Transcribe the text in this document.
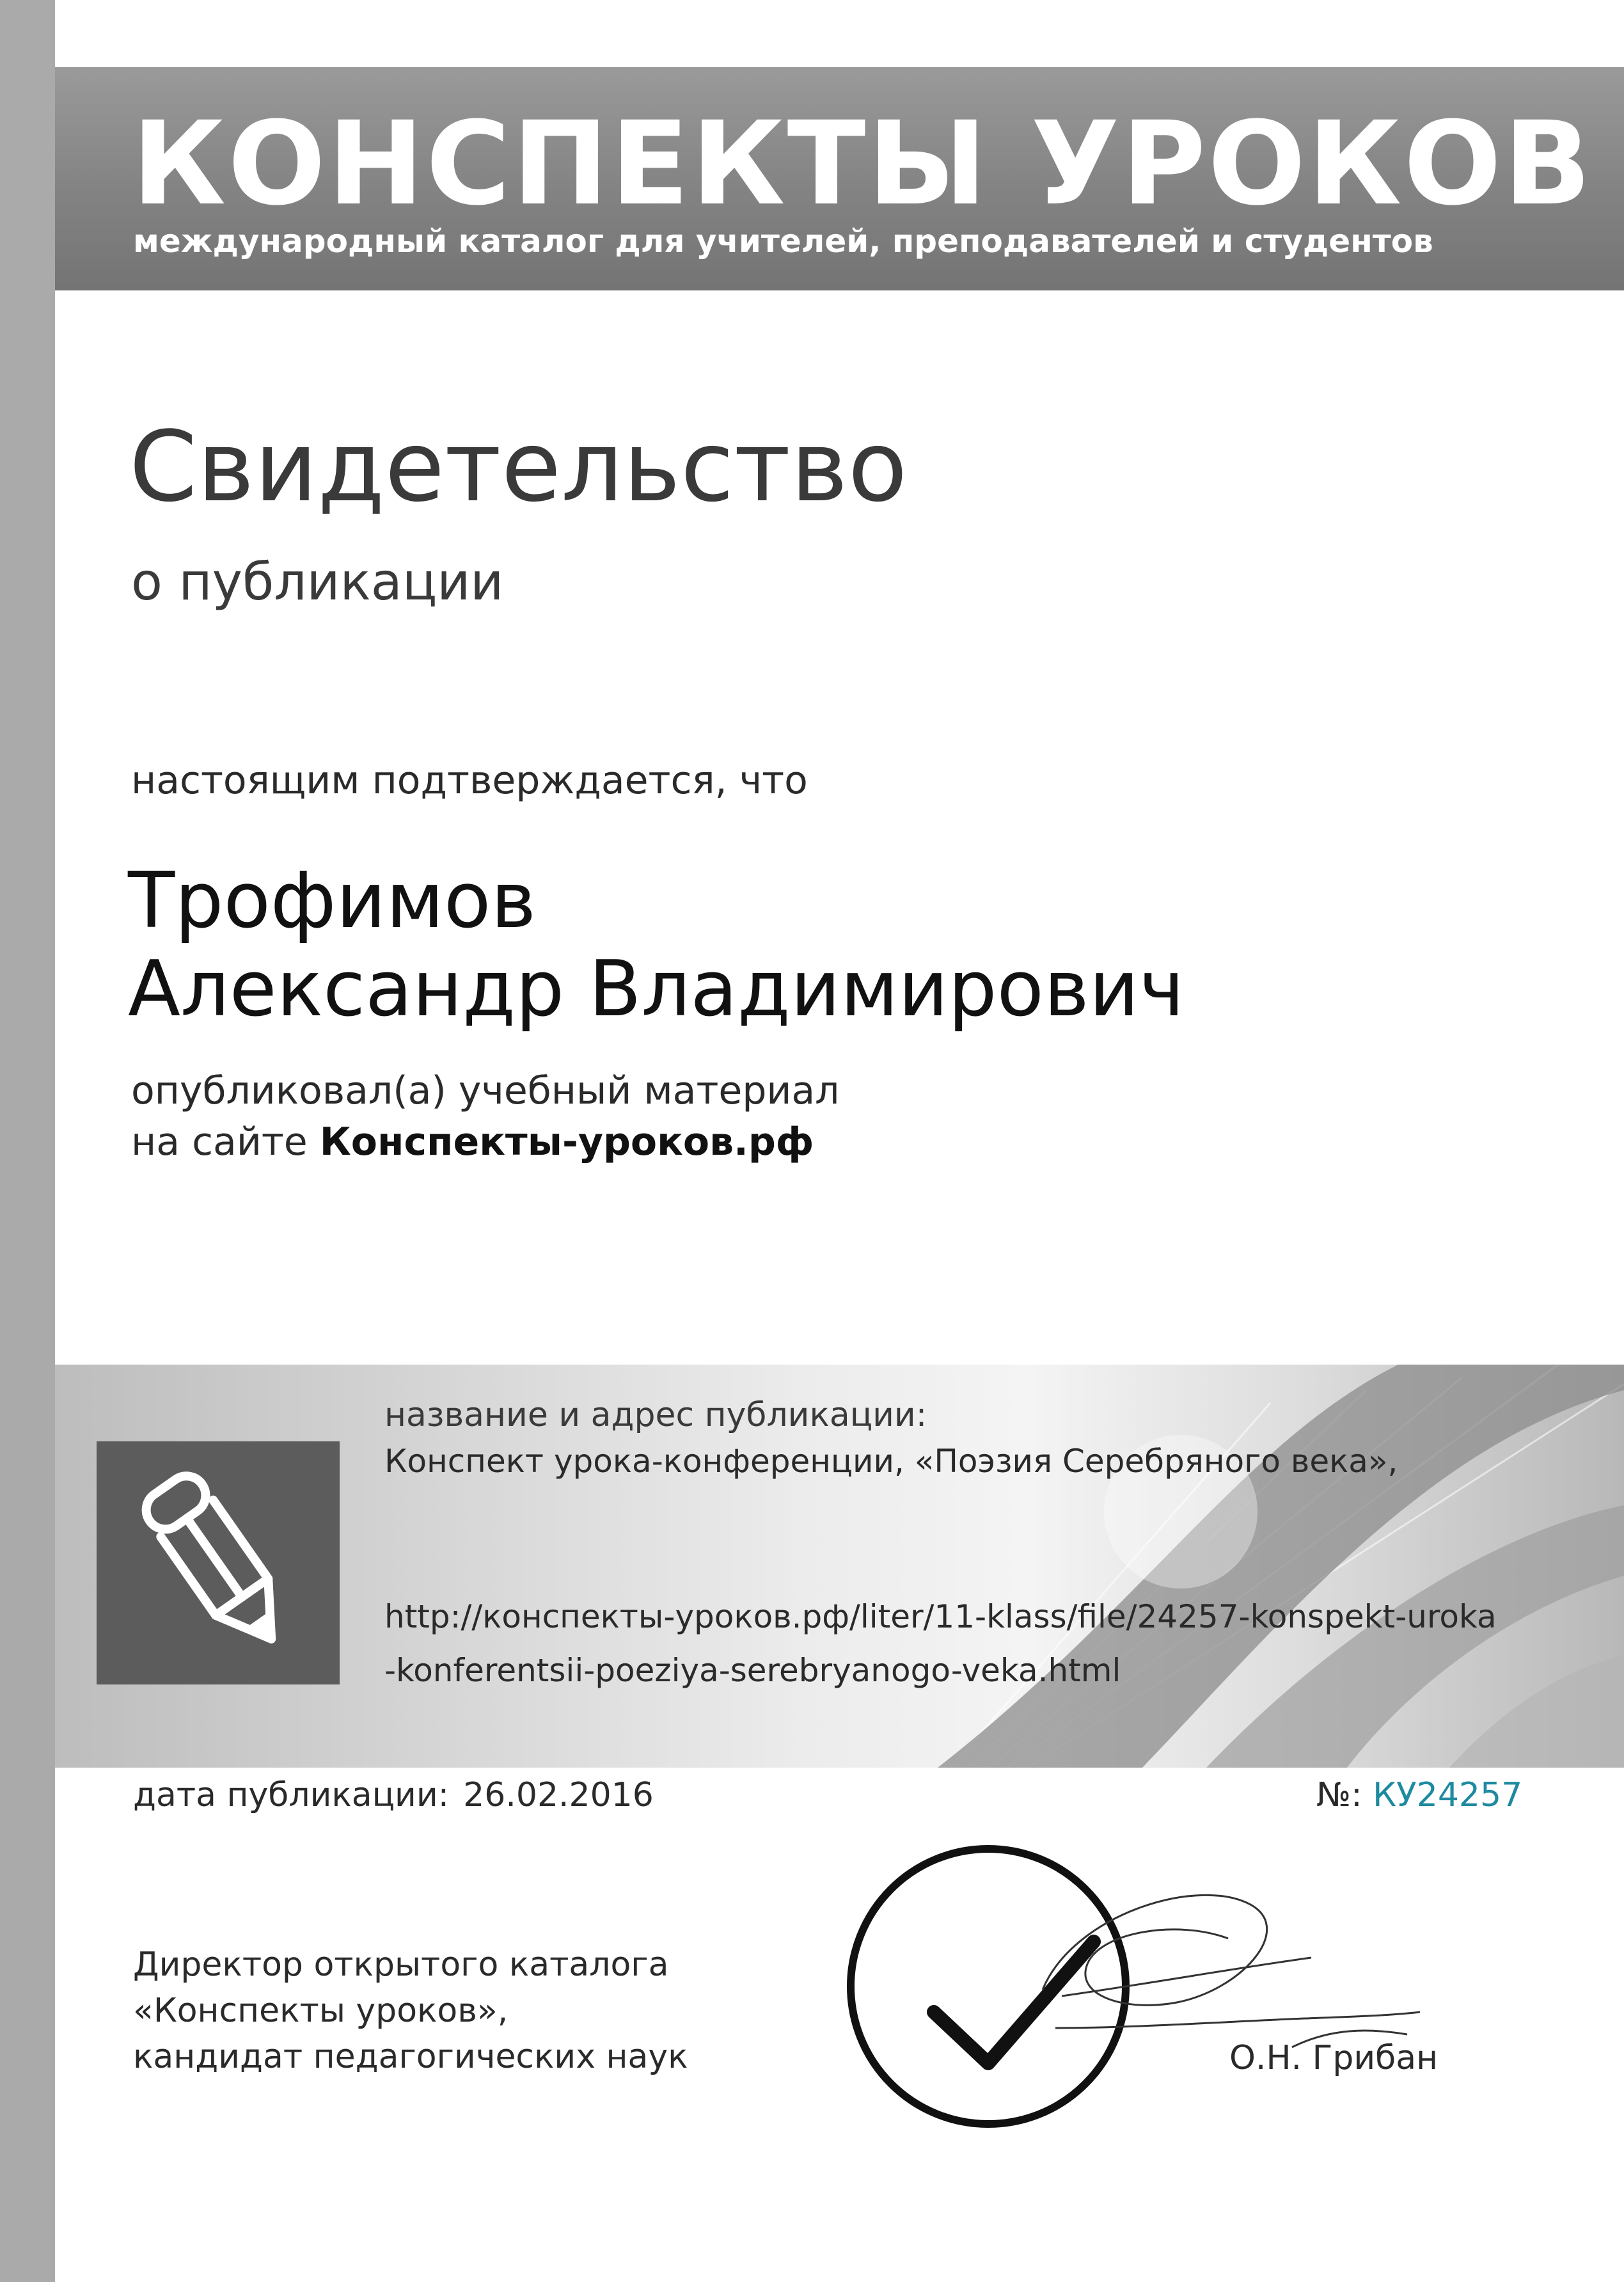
КОНСПЕКТЫ УРОКОВ
международный каталог для учителей, преподавателей и студентов
Свидетельство
о публикации
настоящим подтверждается, что
Трофимов
Александр Владимирович
опубликовал(а) учебный материал
на сайте Конспекты-уроков.рф
название и адрес публикации:
Конспект урока-конференции, «Поэзия Серебряного века»,
http://конспекты-уроков.рф/liter/11-klass/file/24257-konspekt-uroka
-konferentsii-poeziya-serebryanogo-veka.html
дата публикации: 26.02.2016	№: КУ24257
Директор открытого каталога
«Конспекты уроков»,
кандидат педагогических наук	О.Н. Грибан
